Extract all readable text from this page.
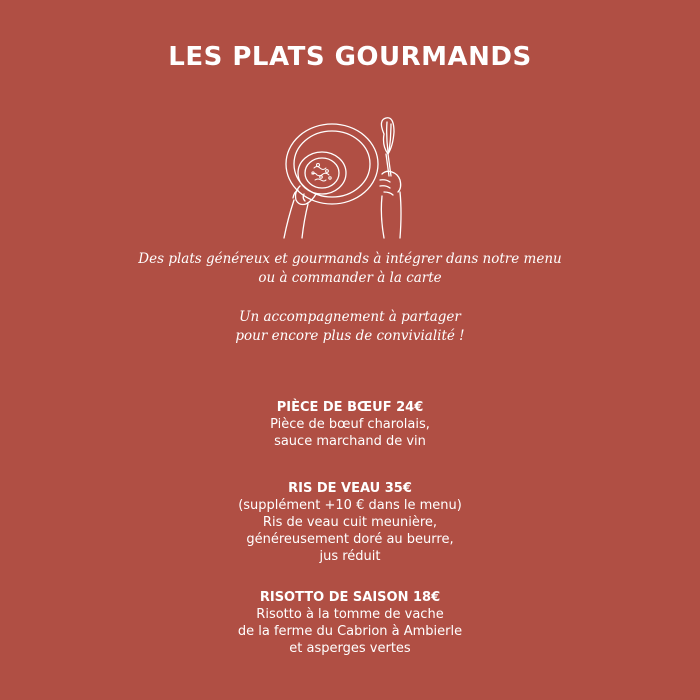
LES PLATS GOURMANDS
Des plats généreux et gourmands à intégrer dans notre menu
ou à commander à la carte
Un accompagnement à partager
pour encore plus de convivialité !
PIÈCE DE BŒUF 24€
Pièce de bœuf charolais,
sauce marchand de vin
RIS DE VEAU 35€
(supplément +10 € dans le menu)
Ris de veau cuit meunière,
généreusement doré au beurre,
jus réduit
RISOTTO DE SAISON 18€
Risotto à la tomme de vache
de la ferme du Cabrion à Ambierle
et asperges vertes
